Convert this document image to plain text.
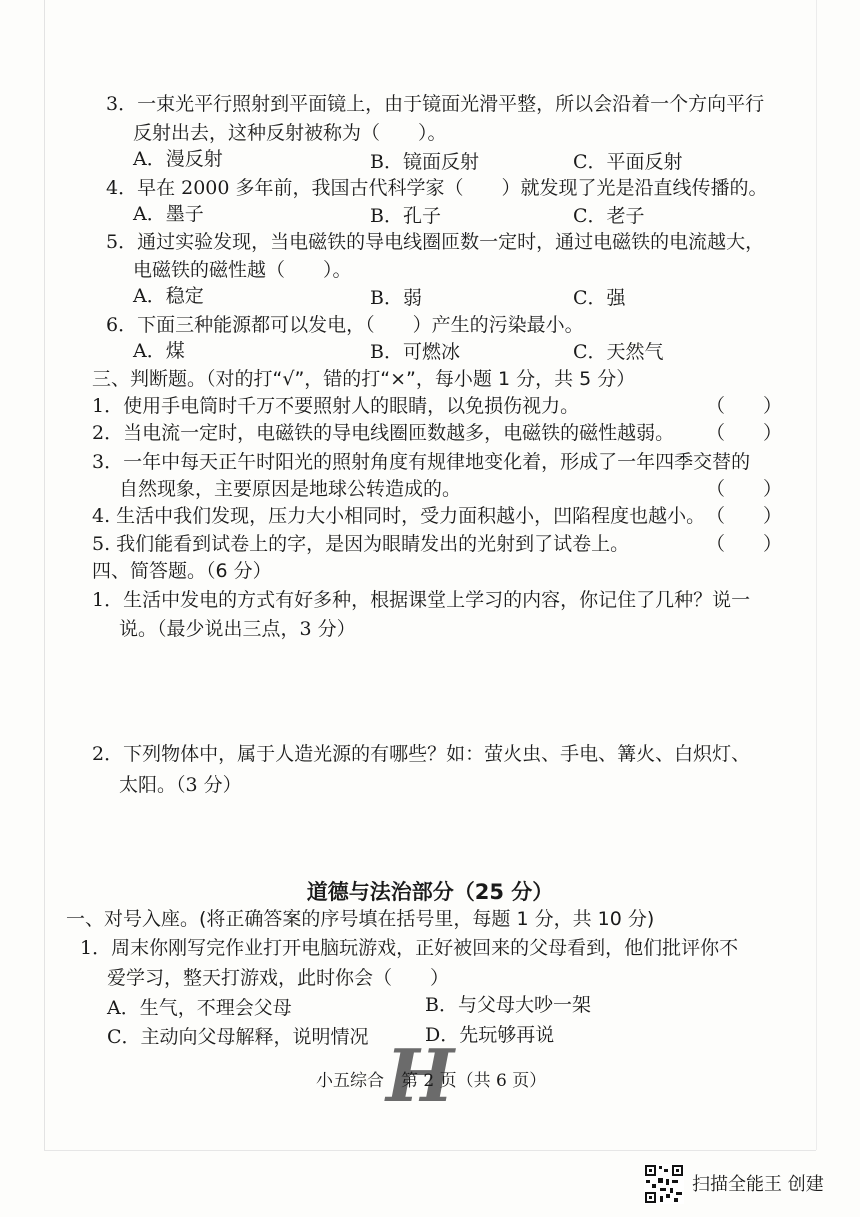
3．一束光平行照射到平面镜上，由于镜面光滑平整，所以会沿着一个方向平行
反射出去，这种反射被称为（　　）。
A．漫反射	B．镜面反射	C．平面反射
4．早在 2000 多年前，我国古代科学家（　　）就发现了光是沿直线传播的。
A．墨子	B．孔子	C．老子
5．通过实验发现，当电磁铁的导电线圈匝数一定时，通过电磁铁的电流越大，
电磁铁的磁性越（　　）。
A．稳定	B．弱	C．强
6．下面三种能源都可以发电，（　　）产生的污染最小。
A．煤	B．可燃冰	C．天然气
三、判断题。（对的打“√”，错的打“×”，每小题 1 分，共 5 分）
1．使用手电筒时千万不要照射人的眼睛，以免损伤视力。	（　　）
2．当电流一定时，电磁铁的导电线圈匝数越多，电磁铁的磁性越弱。 （　　）
3．一年中每天正午时阳光的照射角度有规律地变化着，形成了一年四季交替的
自然现象，主要原因是地球公转造成的。	（　　）
4. 生活中我们发现，压力大小相同时，受力面积越小，凹陷程度也越小。 （　　）
5. 我们能看到试卷上的字，是因为眼睛发出的光射到了试卷上。	（　　）
四、简答题。（6 分）
1．生活中发电的方式有好多种，根据课堂上学习的内容，你记住了几种？说一
说。（最少说出三点，3 分）
2．下列物体中，属于人造光源的有哪些？如：萤火虫、手电、篝火、白炽灯、
太阳。（3 分）
道德与法治部分（25 分）
一、对号入座。(将正确答案的序号填在括号里，每题 1 分，共 10 分)
1．周末你刚写完作业打开电脑玩游戏，正好被回来的父母看到，他们批评你不
爱学习，整天打游戏，此时你会（　　）
A．生气，不理会父母	B．与父母大吵一架
C．主动向父母解释，说明情况	D．先玩够再说
H
小五综合　第 2 页（共 6 页）
扫描全能王 创建
